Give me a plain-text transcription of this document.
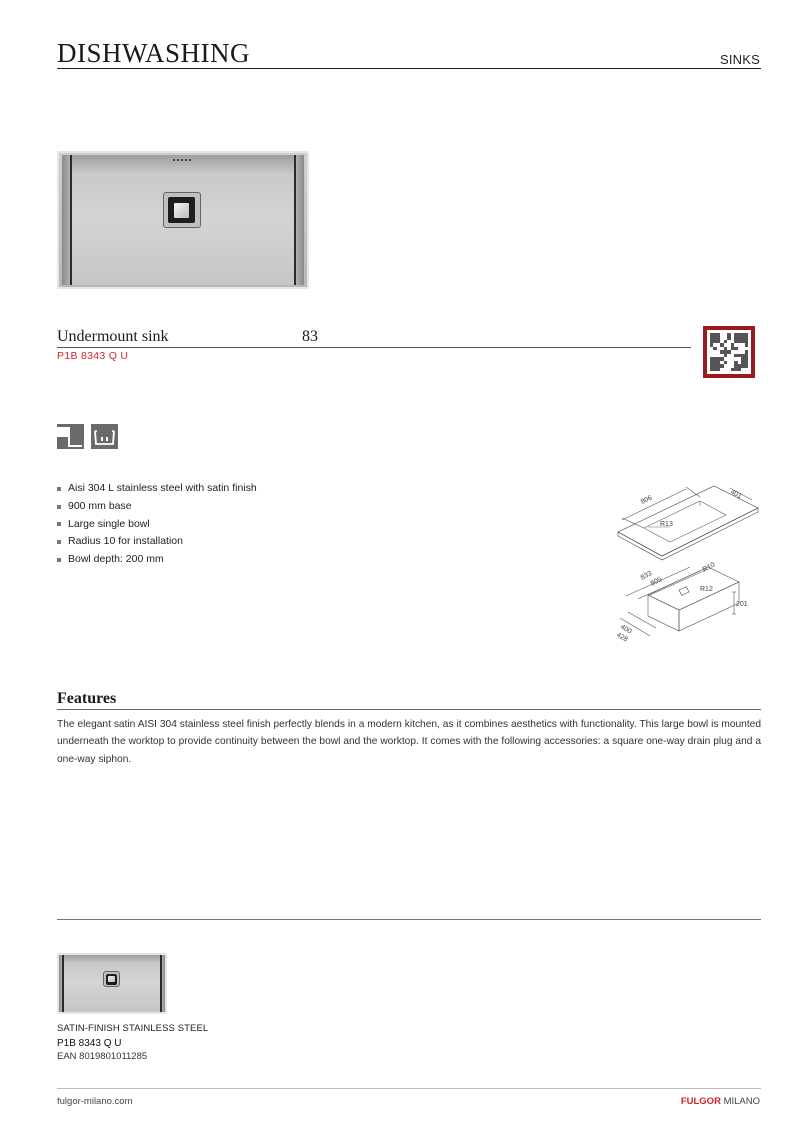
DISHWASHING	SINKS
Undermount sink	83
P1B 8343 Q U
Aisi 304 L stainless steel with satin finish
900 mm base
Large single bowl
Radius 10 for installation
Bowl depth: 200 mm
806	401
R13
833
805
R10
R12
201
400
428
Features

The elegant satin AISI 304 stainless steel finish perfectly blends in a modern kitchen, as it combines aesthetics with functionality. This large bowl is mounted underneath the worktop to provide continuity between the bowl and the worktop. It comes with the following accessories: a square one-way drain plug and a one-way siphon.

SATIN-FINISH STAINLESS STEEL
P1B 8343 Q U
EAN 8019801011285
fulgor-milano.com	FULGOR MILANO
